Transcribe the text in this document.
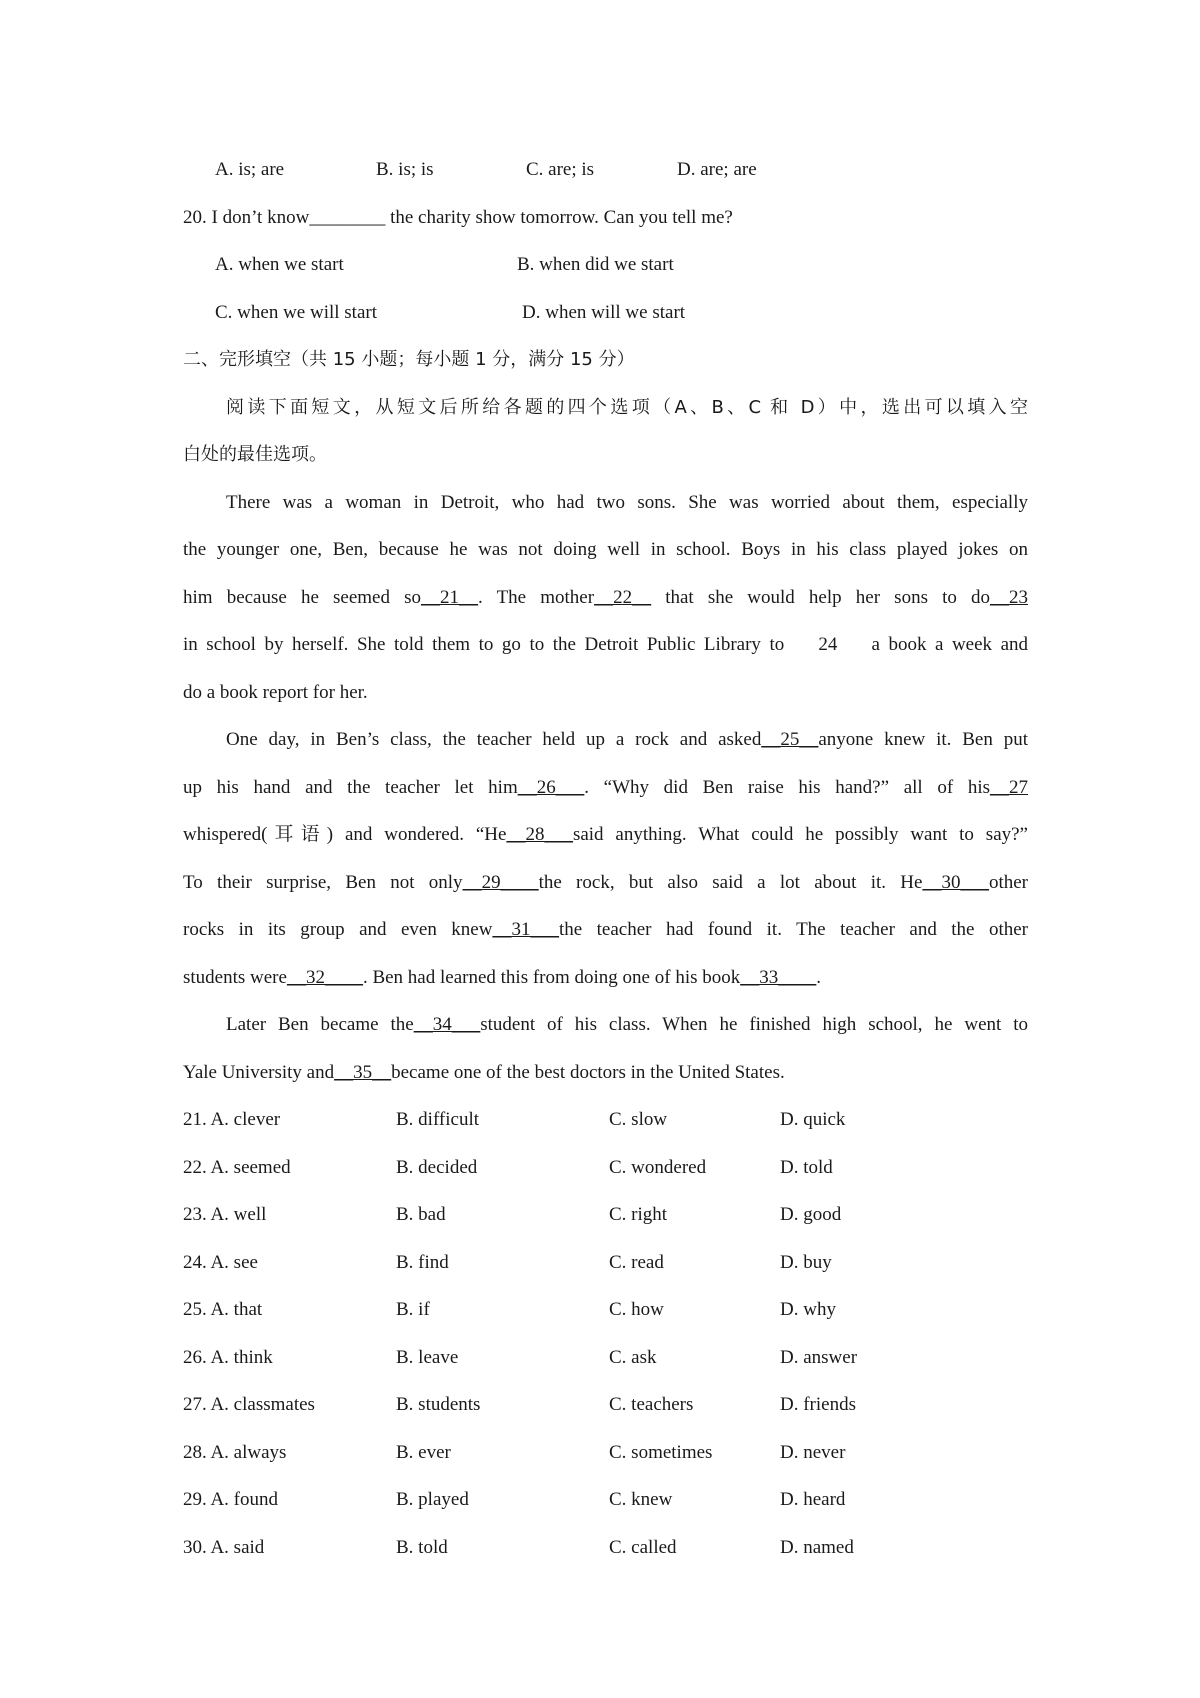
A. is; are	B. is; is	C. are; is	D. are; are
20. I don’t know________ the charity show tomorrow. Can you tell me?
A. when we start	B. when did we start
C. when we will start	D. when will we start
二、完形填空（共 15 小题；每小题 1 分，满分 15 分）
阅读下面短文，从短文后所给各题的四个选项（A、B、C 和 D）中，选出可以填入空
白处的最佳选项。
There was a woman in Detroit, who had two sons. She was worried about them, especially
the younger one, Ben, because he was not doing well in school. Boys in his class played jokes on
him because he seemed so__21__. The mother__22__ that she would help her sons to do__23
in school by herself. She told them to go to the Detroit Public Library to    24    a book a week and
do a book report for her.
One day, in Ben’s class, the teacher held up a rock and asked__25__anyone knew it. Ben put
up his hand and the teacher let him__26___. “Why did Ben raise his hand?” all of his__27
whispered(耳语) and wondered. “He__28___said anything. What could he possibly want to say?”
To their surprise, Ben not only__29____the rock, but also said a lot about it. He__30___other
rocks in its group and even knew__31___the teacher had found it. The teacher and the other
students were__32____. Ben had learned this from doing one of his book__33____.
Later Ben became the__34___student of his class. When he finished high school, he went to
Yale University and__35__became one of the best doctors in the United States.
21. A. clever	B. difficult	C. slow	D. quick
22. A. seemed	B. decided	C. wondered	D. told
23. A. well	B. bad	C. right	D. good
24. A. see	B. find	C. read	D. buy
25. A. that	B. if	C. how	D. why
26. A. think	B. leave	C. ask	D. answer
27. A. classmates	B. students	C. teachers	D. friends
28. A. always	B. ever	C. sometimes	D. never
29. A. found	B. played	C. knew	D. heard
30. A. said	B. told	C. called	D. named
